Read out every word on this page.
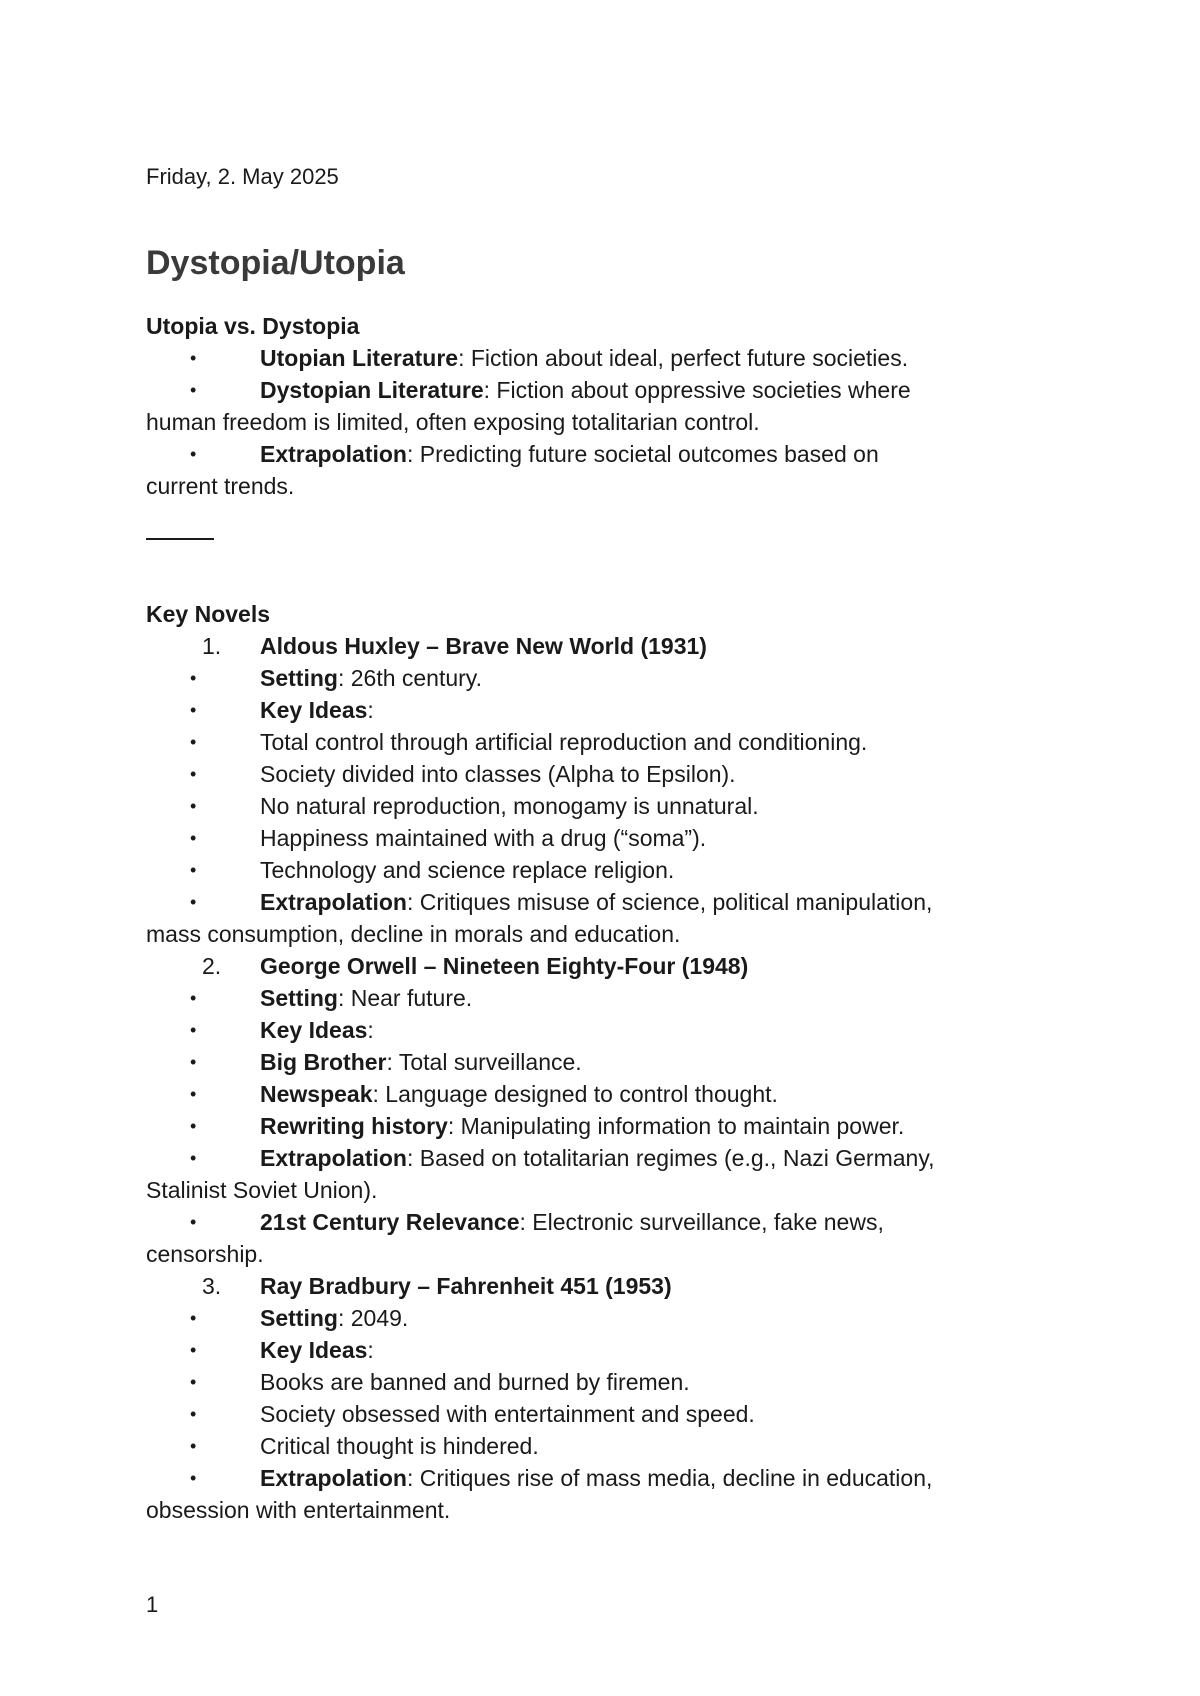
Friday, 2. May 2025
Dystopia/Utopia
Utopia vs. Dystopia
•	Utopian Literature: Fiction about ideal, perfect future societies.
•	Dystopian Literature: Fiction about oppressive societies where
human freedom is limited, often exposing totalitarian control.
•	Extrapolation: Predicting future societal outcomes based on
current trends.
Key Novels
1.	Aldous Huxley – Brave New World (1931)
•	Setting: 26th century.
•	Key Ideas:
•	Total control through artificial reproduction and conditioning.
•	Society divided into classes (Alpha to Epsilon).
•	No natural reproduction, monogamy is unnatural.
•	Happiness maintained with a drug (“soma”).
•	Technology and science replace religion.
•	Extrapolation: Critiques misuse of science, political manipulation,
mass consumption, decline in morals and education.
2.	George Orwell – Nineteen Eighty-Four (1948)
•	Setting: Near future.
•	Key Ideas:
•	Big Brother: Total surveillance.
•	Newspeak: Language designed to control thought.
•	Rewriting history: Manipulating information to maintain power.
•	Extrapolation: Based on totalitarian regimes (e.g., Nazi Germany,
Stalinist Soviet Union).
•	21st Century Relevance: Electronic surveillance, fake news,
censorship.
3.	Ray Bradbury – Fahrenheit 451 (1953)
•	Setting: 2049.
•	Key Ideas:
•	Books are banned and burned by firemen.
•	Society obsessed with entertainment and speed.
•	Critical thought is hindered.
•	Extrapolation: Critiques rise of mass media, decline in education,
obsession with entertainment.
1
